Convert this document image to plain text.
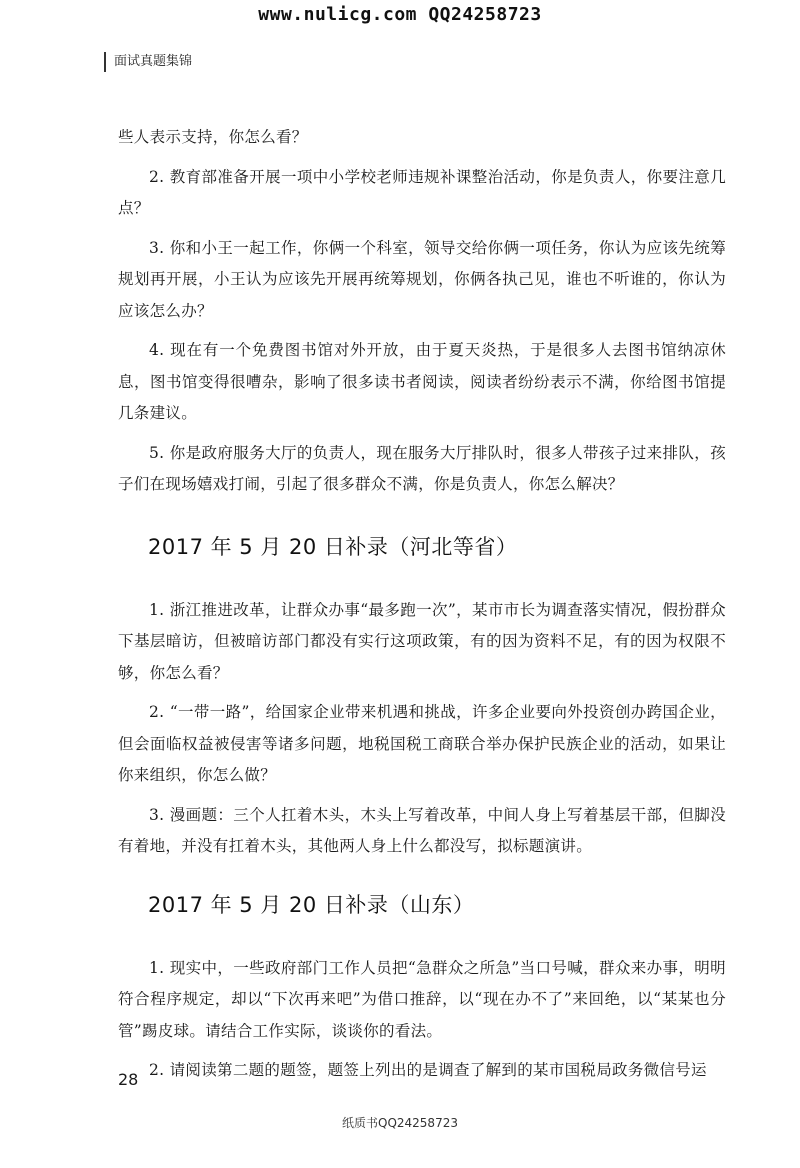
www.nulicg.com QQ24258723
面试真题集锦

些人表示支持，你怎么看？

2. 教育部准备开展一项中小学校老师违规补课整治活动，你是负责人，你要注意几点？

3. 你和小王一起工作，你俩一个科室，领导交给你俩一项任务，你认为应该先统筹规划再开展，小王认为应该先开展再统筹规划，你俩各执己见，谁也不听谁的，你认为应该怎么办？

4. 现在有一个免费图书馆对外开放，由于夏天炎热，于是很多人去图书馆纳凉休息，图书馆变得很嘈杂，影响了很多读书者阅读，阅读者纷纷表示不满，你给图书馆提几条建议。

5. 你是政府服务大厅的负责人，现在服务大厅排队时，很多人带孩子过来排队，孩子们在现场嬉戏打闹，引起了很多群众不满，你是负责人，你怎么解决？

2017 年 5 月 20 日补录（河北等省）

1. 浙江推进改革，让群众办事“最多跑一次”，某市市长为调查落实情况，假扮群众下基层暗访，但被暗访部门都没有实行这项政策，有的因为资料不足，有的因为权限不够，你怎么看？

2. “一带一路”，给国家企业带来机遇和挑战，许多企业要向外投资创办跨国企业，但会面临权益被侵害等诸多问题，地税国税工商联合举办保护民族企业的活动，如果让你来组织，你怎么做？

3. 漫画题：三个人扛着木头，木头上写着改革，中间人身上写着基层干部，但脚没有着地，并没有扛着木头，其他两人身上什么都没写，拟标题演讲。

2017 年 5 月 20 日补录（山东）

1. 现实中，一些政府部门工作人员把“急群众之所急”当口号喊，群众来办事，明明符合程序规定，却以“下次再来吧”为借口推辞，以“现在办不了”来回绝，以“某某也分管”踢皮球。请结合工作实际，谈谈你的看法。

2. 请阅读第二题的题签，题签上列出的是调查了解到的某市国税局政务微信号运

28
纸质书QQ24258723
